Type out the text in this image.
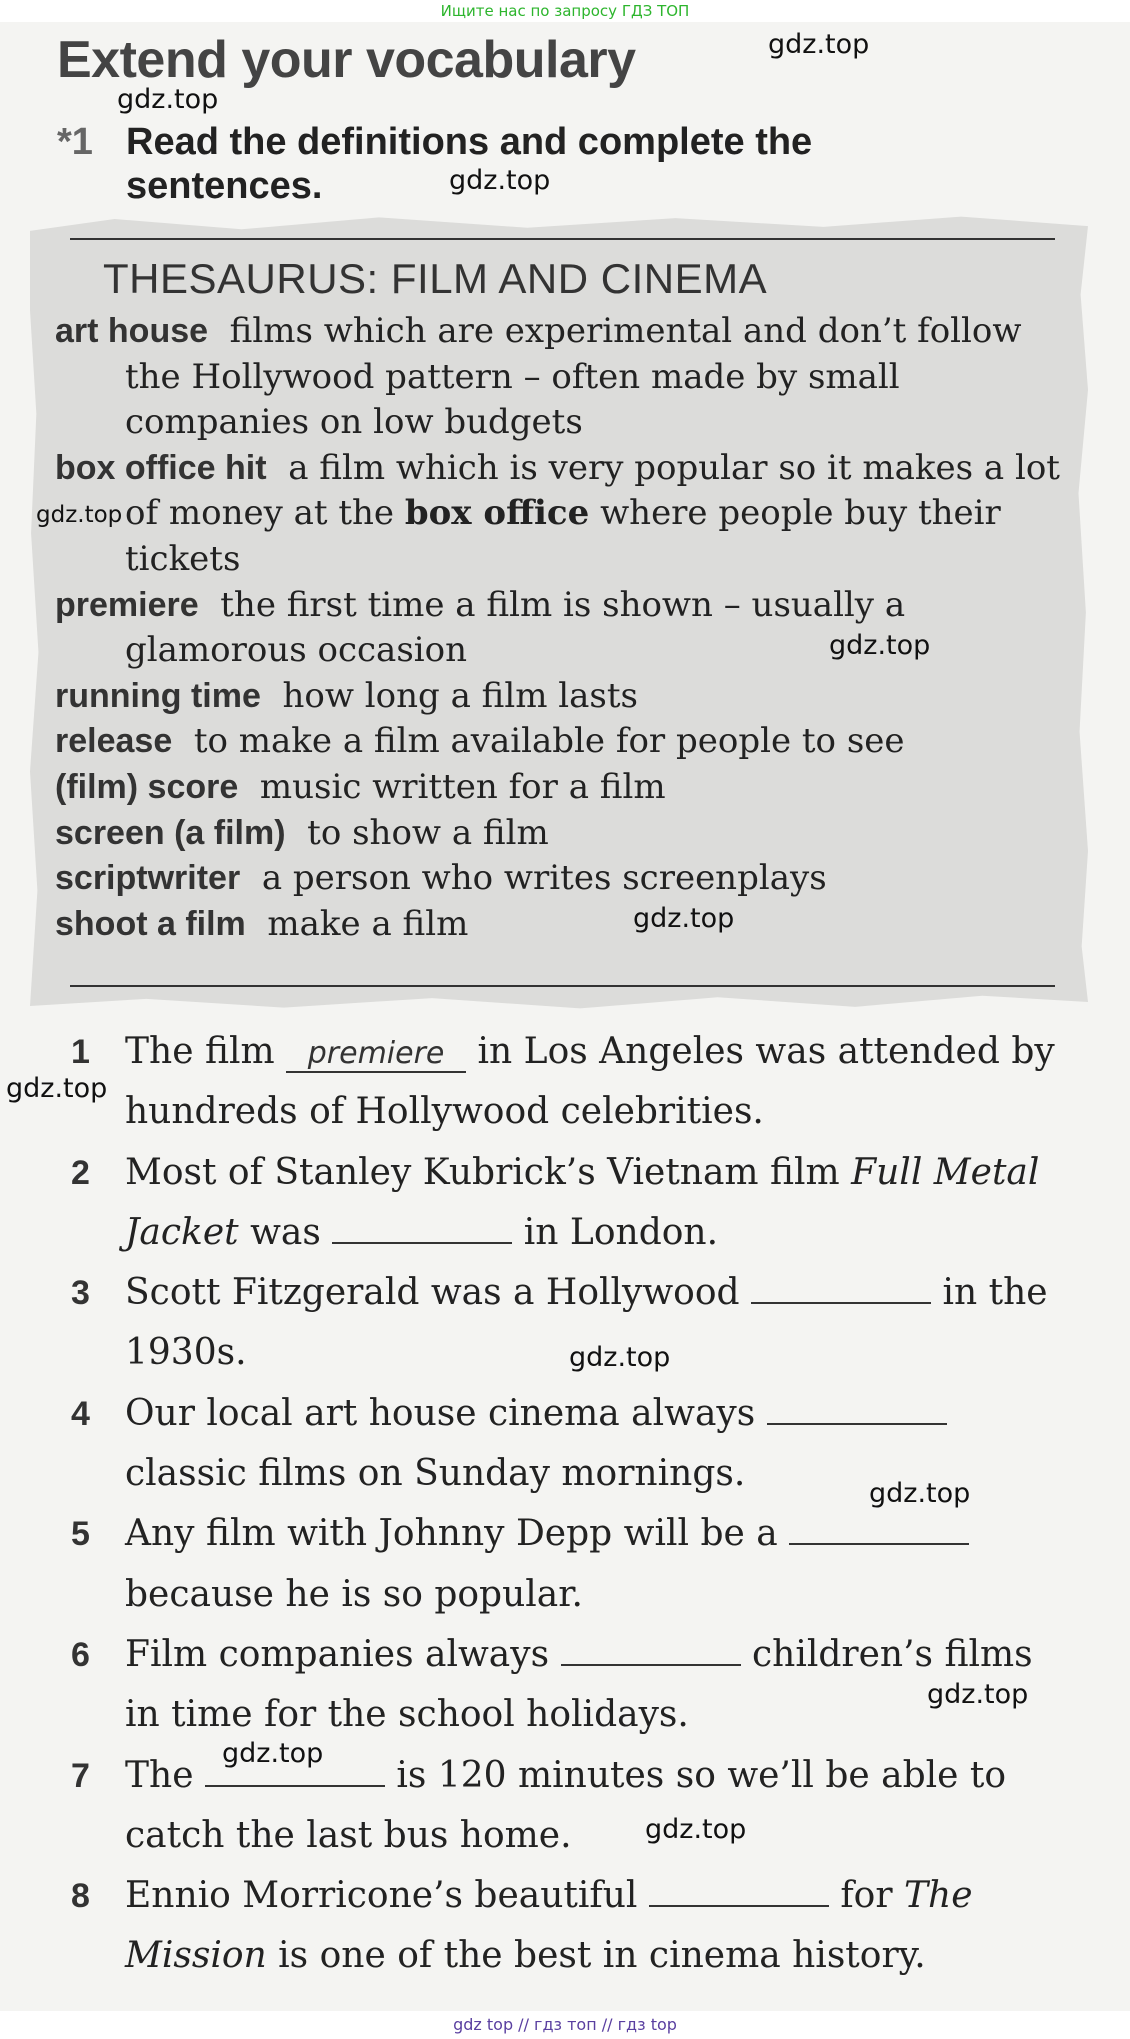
Ищите нас по запросу ГДЗ ТОП
Extend your vocabulary
*1 Read the definitions and complete the sentences.
THESAURUS: FILM AND CINEMA
art house films which are experimental and don’t follow the Hollywood pattern – often made by small companies on low budgets
box office hit a film which is very popular so it makes a lot of money at the box office where people buy their tickets
premiere the first time a film is shown – usually a glamorous occasion
running time how long a film lasts
release to make a film available for people to see
(film) score music written for a film
screen (a film) to show a film
scriptwriter a person who writes screenplays
shoot a film make a film
1 The film premiere in Los Angeles was attended by hundreds of Hollywood celebrities.
2 Most of Stanley Kubrick’s Vietnam film Full Metal Jacket was	in London.
3 Scott Fitzgerald was a Hollywood	in the 1930s.
4 Our local art house cinema always  classic films on Sunday mornings.
5 Any film with Johnny Depp will be a  because he is so popular.
6 Film companies always	children’s films in time for the school holidays.
7 The	is 120 minutes so we’ll be able to catch the last bus home.
8 Ennio Morricone’s beautiful	for The Mission is one of the best in cinema history.
gdz.top
gdz.top
gdz.top
gdz.top
gdz.top
gdz.top
gdz.top
gdz.top
gdz.top
gdz.top
gdz.top
gdz.top
gdz top // гдз топ // гдз top
